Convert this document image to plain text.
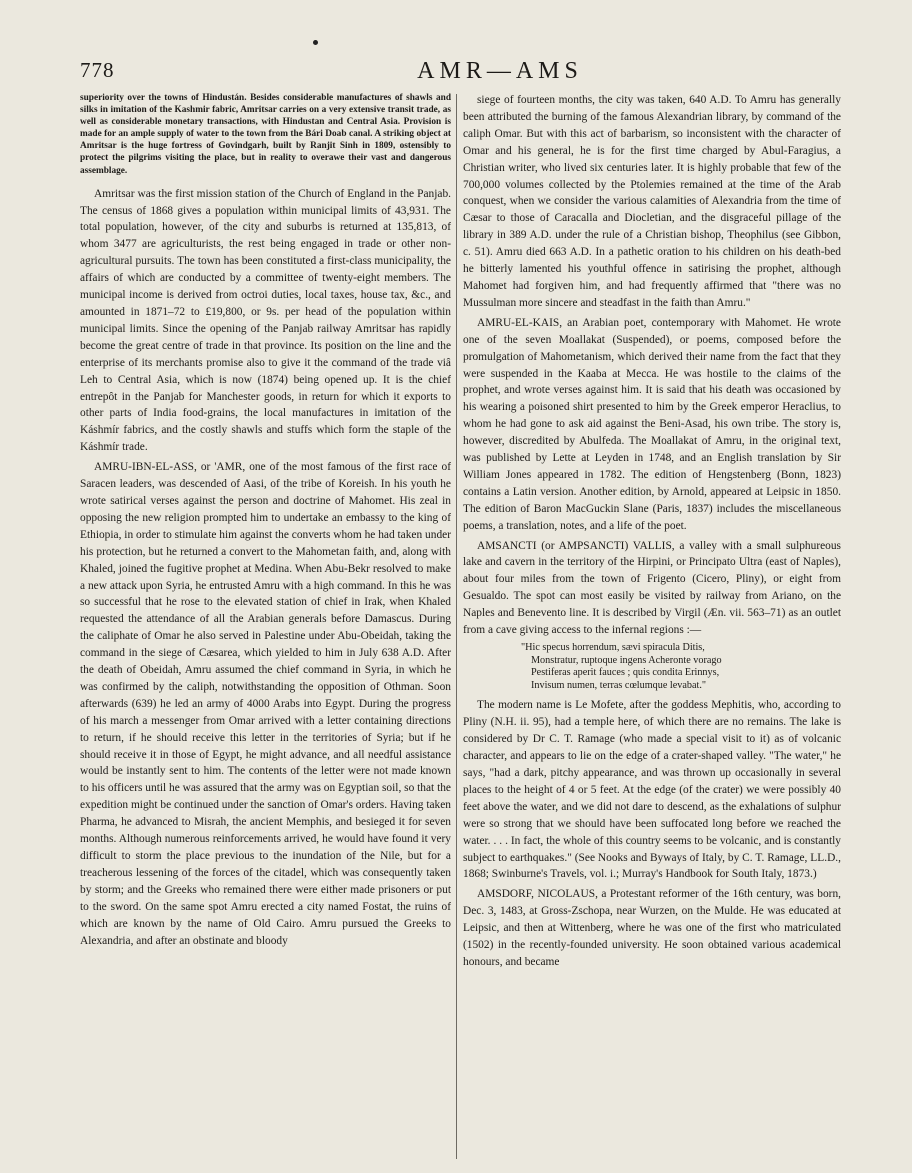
778	AMR—AMS

superiority over the towns of Hindustán. Besides considerable manufactures of shawls and silks in imitation of the Kashmir fabric, Amritsar carries on a very extensive transit trade, as well as considerable monetary transactions, with Hindustan and Central Asia. Provision is made for an ample supply of water to the town from the Bári Doab canal. A striking object at Amritsar is the huge fortress of Govindgarh, built by Ranjit Sinh in 1809, ostensibly to protect the pilgrims visiting the place, but in reality to overawe their vast and dangerous assemblage.

Amritsar was the first mission station of the Church of England in the Panjab. The census of 1868 gives a population within municipal limits of 43,931. The total population, however, of the city and suburbs is returned at 135,813, of whom 3477 are agriculturists, the rest being engaged in trade or other non-agricultural pursuits. The town has been constituted a first-class municipality, the affairs of which are conducted by a committee of twenty-eight members. The municipal income is derived from octroi duties, local taxes, house tax, &c., and amounted in 1871–72 to £19,800, or 9s. per head of the population within municipal limits. Since the opening of the Panjab railway Amritsar has rapidly become the great centre of trade in that province. Its position on the line and the enterprise of its merchants promise also to give it the command of the trade viâ Leh to Central Asia, which is now (1874) being opened up. It is the chief entrepôt in the Panjab for Manchester goods, in return for which it exports to other parts of India food-grains, the local manufactures in imitation of the Káshmír fabrics, and the costly shawls and stuffs which form the staple of the Káshmír trade.

AMRU-IBN-EL-ASS, or 'AMR, one of the most famous of the first race of Saracen leaders, was descended of Aasi, of the tribe of Koreish. In his youth he wrote satirical verses against the person and doctrine of Mahomet. His zeal in opposing the new religion prompted him to undertake an embassy to the king of Ethiopia, in order to stimulate him against the converts whom he had taken under his protection, but he returned a convert to the Mahometan faith, and, along with Khaled, joined the fugitive prophet at Medina. When Abu-Bekr resolved to make a new attack upon Syria, he entrusted Amru with a high command. In this he was so successful that he rose to the elevated station of chief in Irak, when Khaled requested the attendance of all the Arabian generals before Damascus. During the caliphate of Omar he also served in Palestine under Abu-Obeidah, taking the command in the siege of Cæsarea, which yielded to him in July 638 A.D. After the death of Obeidah, Amru assumed the chief command in Syria, in which he was confirmed by the caliph, notwithstanding the opposition of Othman. Soon afterwards (639) he led an army of 4000 Arabs into Egypt. During the progress of his march a messenger from Omar arrived with a letter containing directions to return, if he should receive this letter in the territories of Syria; but if he should receive it in those of Egypt, he might advance, and all needful assistance would be instantly sent to him. The contents of the letter were not made known to his officers until he was assured that the army was on Egyptian soil, so that the expedition might be continued under the sanction of Omar's orders. Having taken Pharma, he advanced to Misrah, the ancient Memphis, and besieged it for seven months. Although numerous reinforcements arrived, he would have found it very difficult to storm the place previous to the inundation of the Nile, but for a treacherous lessening of the forces of the citadel, which was consequently taken by storm; and the Greeks who remained there were either made prisoners or put to the sword. On the same spot Amru erected a city named Fostat, the ruins of which are known by the name of Old Cairo. Amru pursued the Greeks to Alexandria, and after an obstinate and bloody

siege of fourteen months, the city was taken, 640 A.D. To Amru has generally been attributed the burning of the famous Alexandrian library, by command of the caliph Omar. But with this act of barbarism, so inconsistent with the character of Omar and his general, he is for the first time charged by Abul-Faragius, a Christian writer, who lived six centuries later. It is highly probable that few of the 700,000 volumes collected by the Ptolemies remained at the time of the Arab conquest, when we consider the various calamities of Alexandria from the time of Cæsar to those of Caracalla and Diocletian, and the disgraceful pillage of the library in 389 A.D. under the rule of a Christian bishop, Theophilus (see Gibbon, c. 51). Amru died 663 A.D. In a pathetic oration to his children on his death-bed he bitterly lamented his youthful offence in satirising the prophet, although Mahomet had forgiven him, and had frequently affirmed that "there was no Mussulman more sincere and steadfast in the faith than Amru."

AMRU-EL-KAIS, an Arabian poet, contemporary with Mahomet. He wrote one of the seven Moallakat (Suspended), or poems, composed before the promulgation of Mahometanism, which derived their name from the fact that they were suspended in the Kaaba at Mecca. He was hostile to the claims of the prophet, and wrote verses against him. It is said that his death was occasioned by his wearing a poisoned shirt presented to him by the Greek emperor Heraclius, to whom he had gone to ask aid against the Beni-Asad, his own tribe. The story is, however, discredited by Abulfeda. The Moallakat of Amru, in the original text, was published by Lette at Leyden in 1748, and an English translation by Sir William Jones appeared in 1782. The edition of Hengstenberg (Bonn, 1823) contains a Latin version. Another edition, by Arnold, appeared at Leipsic in 1850. The edition of Baron MacGuckin Slane (Paris, 1837) includes the miscellaneous poems, a translation, notes, and a life of the poet.

AMSANCTI (or AMPSANCTI) VALLIS, a valley with a small sulphureous lake and cavern in the territory of the Hirpini, or Principato Ultra (east of Naples), about four miles from the town of Frigento (Cicero, Pliny), or eight from Gesualdo. The spot can most easily be visited by railway from Ariano, on the Naples and Benevento line. It is described by Virgil (Æn. vii. 563–71) as an outlet from a cave giving access to the infernal regions :—

"Hic specus horrendum, sævi spiracula Ditis,
Monstratur, ruptoque ingens Acheronte vorago
Pestiferas aperit fauces ; quis condita Erinnys,
Invisum numen, terras cœlumque levabat."

The modern name is Le Mofete, after the goddess Mephitis, who, according to Pliny (N.H. ii. 95), had a temple here, of which there are no remains. The lake is considered by Dr C. T. Ramage (who made a special visit to it) as of volcanic character, and appears to lie on the edge of a crater-shaped valley. "The water," he says, "had a dark, pitchy appearance, and was thrown up occasionally in several places to the height of 4 or 5 feet. At the edge (of the crater) we were possibly 40 feet above the water, and we did not dare to descend, as the exhalations of sulphur were so strong that we should have been suffocated long before we reached the water. . . . In fact, the whole of this country seems to be volcanic, and is constantly subject to earthquakes." (See Nooks and Byways of Italy, by C. T. Ramage, LL.D., 1868; Swinburne's Travels, vol. i.; Murray's Handbook for South Italy, 1873.)

AMSDORF, NICOLAUS, a Protestant reformer of the 16th century, was born, Dec. 3, 1483, at Gross-Zschopa, near Wurzen, on the Mulde. He was educated at Leipsic, and then at Wittenberg, where he was one of the first who matriculated (1502) in the recently-founded university. He soon obtained various academical honours, and became
